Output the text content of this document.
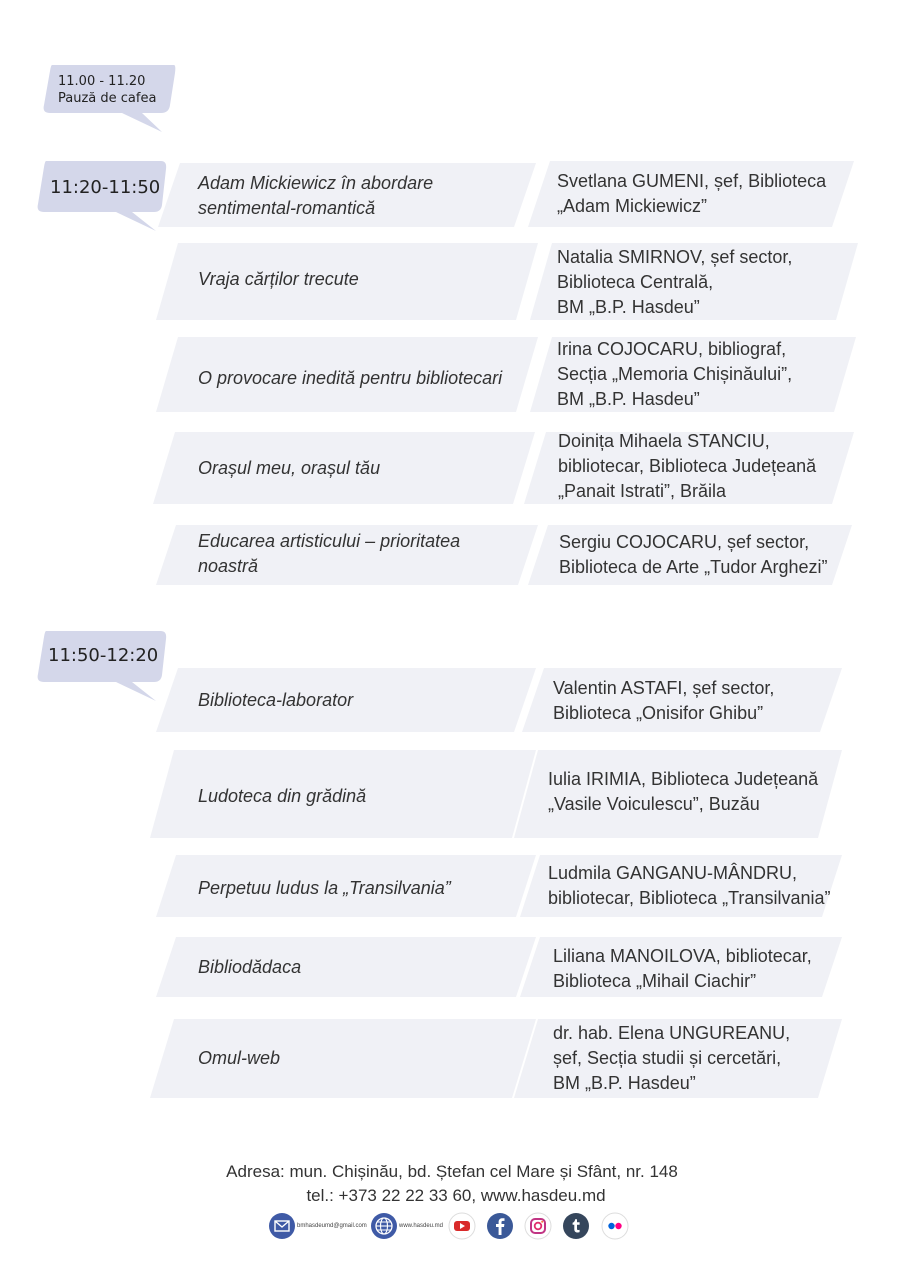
11.00 - 11.20
Pauză de cafea
11:20-11:50
11:50-12:20
Adam Mickiewicz în abordare
sentimental-romantică
Svetlana GUMENI, șef, Biblioteca
„Adam Mickiewicz”
Vraja cărților trecute
Natalia SMIRNOV, șef sector,
Biblioteca Centrală,
BM „B.P. Hasdeu”
O provocare inedită pentru bibliotecari
Irina COJOCARU, bibliograf,
Secția „Memoria Chișinăului”,
BM „B.P. Hasdeu”
Orașul meu, orașul tău
Doinița Mihaela STANCIU,
bibliotecar, Biblioteca Județeană
„Panait Istrati”, Brăila
Educarea artisticului – prioritatea
noastră
Sergiu COJOCARU, șef sector,
Biblioteca de Arte „Tudor Arghezi”
Biblioteca-laborator
Valentin ASTAFI, șef sector,
Biblioteca „Onisifor Ghibu”
Ludoteca din grădină
Iulia IRIMIA, Biblioteca Județeană
„Vasile Voiculescu”, Buzău
Perpetuu ludus la „Transilvania”
Ludmila GANGANU-MÂNDRU,
bibliotecar, Biblioteca „Transilvania”
Bibliodădaca
Liliana MANOILOVA, bibliotecar,
Biblioteca „Mihail Ciachir”
Omul-web
dr. hab. Elena UNGUREANU,
șef, Secția studii și cercetări,
BM „B.P. Hasdeu”
Adresa: mun. Chișinău, bd. Ștefan cel Mare și Sfânt, nr. 148
tel.: +373 22 22 33 60, www.hasdeu.md
bmhasdeumd@gmail.com	www.hasdeu.md
